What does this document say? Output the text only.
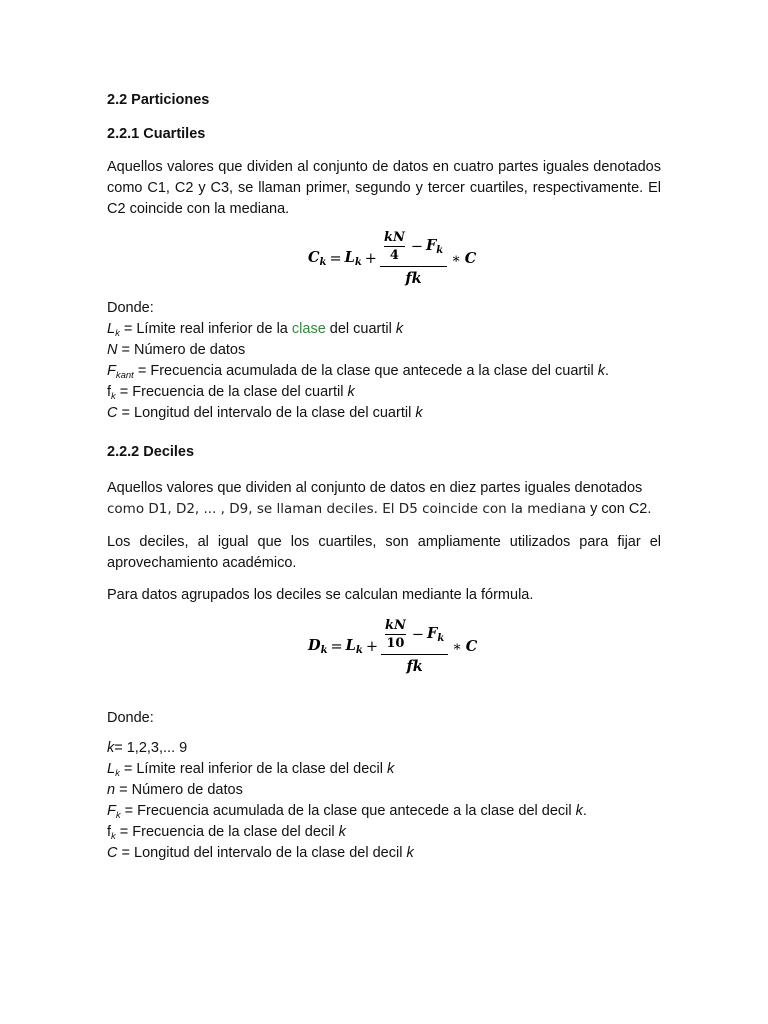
2.2 Particiones

2.2.1 Cuartiles

Aquellos valores que dividen al conjunto de datos en cuatro partes iguales denotados como C1, C2 y C3, se llaman primer, segundo y tercer cuartiles, respectivamente. El C2 coincide con la mediana.

$C_k = L_k + \frac{\frac{kN}{4} - F_k}{fk}$ ∗ C

Donde:

$L_k$ = Límite real inferior de la clase del cuartil k
N = Número de datos
$F_{kant}$ = Frecuencia acumulada de la clase que antecede a la clase del cuartil k.
$f_k$ = Frecuencia de la clase del cuartil k
C = Longitud del intervalo de la clase del cuartil k

2.2.2 Deciles

Aquellos valores que dividen al conjunto de datos en diez partes iguales denotados
como D1, D2, ... , D9, se llaman deciles. El D5 coincide con la mediana y con C2.

Los deciles, al igual que los cuartiles, son ampliamente utilizados para fijar el aprovechamiento académico.

Para datos agrupados los deciles se calculan mediante la fórmula.

$D_k = L_k + \frac{\frac{kN}{10} - F_k}{fk}$ ∗ C

Donde:

k= 1,2,3,... 9
$L_k$ = Límite real inferior de la clase del decil k
n = Número de datos
$F_k$ = Frecuencia acumulada de la clase que antecede a la clase del decil k.
$f_k$ = Frecuencia de la clase del decil k
C = Longitud del intervalo de la clase del decil k
